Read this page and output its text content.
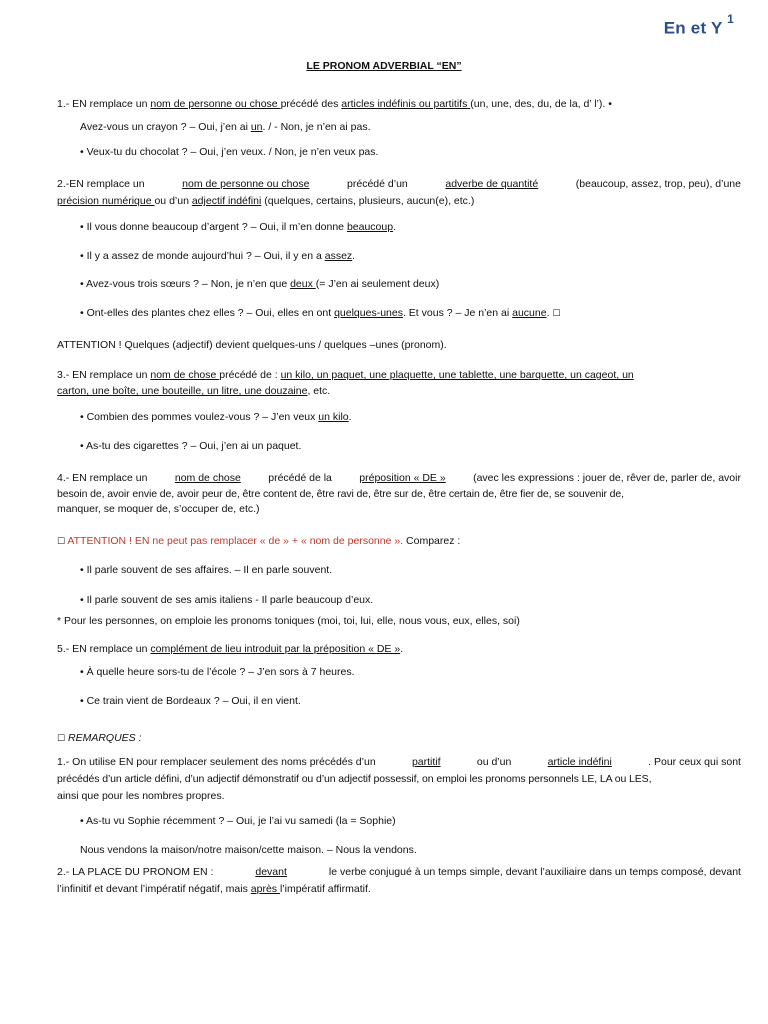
En et Y $^1$
LE PRONOM ADVERBIAL “EN”
1.- EN remplace un nom de personne ou chose précédé des articles indéfinis ou partitifs (un, une, des, du, de la, d’ l’). •
Avez-vous un crayon ? – Oui, j’en ai un. / - Non, je n’en ai pas.
• Veux-tu du chocolat ? – Oui, j’en veux. / Non, je n’en veux pas.
2.-EN remplace un	nom de personne ou chose	précédé d’un	adverbe de quantité	(beaucoup, assez, trop, peu), d’une
précision numérique ou d’un adjectif indéfini (quelques, certains, plusieurs, aucun(e), etc.)
• Il vous donne beaucoup d’argent ? – Oui, il m’en donne beaucoup.
• Il y a assez de monde aujourd’hui ? – Oui, il y en a assez.
• Avez-vous trois sœurs ? – Non, je n’en que deux (= J’en ai seulement deux)
• Ont-elles des plantes chez elles ? – Oui, elles en ont quelques-unes. Et vous ? – Je n’en ai aucune. ☐
ATTENTION ! Quelques (adjectif) devient quelques-uns / quelques –unes (pronom).
3.- EN remplace un nom de chose précédé de : un kilo, un paquet, une plaquette, une tablette, une barquette, un cageot, un
carton, une boîte, une bouteille, un litre, une douzaine, etc.
• Combien des pommes voulez-vous ? – J’en veux un kilo.
• As-tu des cigarettes ? – Oui, j’en ai un paquet.
4.- EN remplace un	nom de chose	précédé de la	préposition « DE »	(avec les expressions : jouer de, rêver de, parler de, avoir
besoin de, avoir envie de, avoir peur de, être content de, être ravi de, être sur de, être certain de, être fier de, se souvenir de,
manquer, se moquer de, s’occuper de, etc.)
☐ ATTENTION ! EN ne peut pas remplacer « de » + « nom de personne ». Comparez :
• Il parle souvent de ses affaires. – Il en parle souvent.
• Il parle souvent de ses amis italiens - Il parle beaucoup d’eux.
* Pour les personnes, on emploie les pronoms toniques (moi, toi, lui, elle, nous vous, eux, elles, soi)
5.- EN remplace un complément de lieu introduit par la préposition « DE ».
• À quelle heure sors-tu de l’école ? – J’en sors à 7 heures.
• Ce train vient de Bordeaux ? – Oui, il en vient.
☐ REMARQUES :
1.- On utilise EN pour remplacer seulement des noms précédés d’un	partitif	ou d’un	article indéfini	. Pour ceux qui sont
précédés d’un article défini, d’un adjectif démonstratif ou d’un adjectif possessif, on emploi les pronoms personnels LE, LA ou LES,
ainsi que pour les nombres propres.
• As-tu vu Sophie récemment ? – Oui, je l’ai vu samedi (la = Sophie)
Nous vendons la maison/notre maison/cette maison. – Nous la vendons.
2.- LA PLACE DU PRONOM EN :	devant	le verbe conjugué à un temps simple, devant l’auxiliaire dans un temps composé, devant
l’infinitif et devant l’impératif négatif, mais après l’impératif affirmatif.
